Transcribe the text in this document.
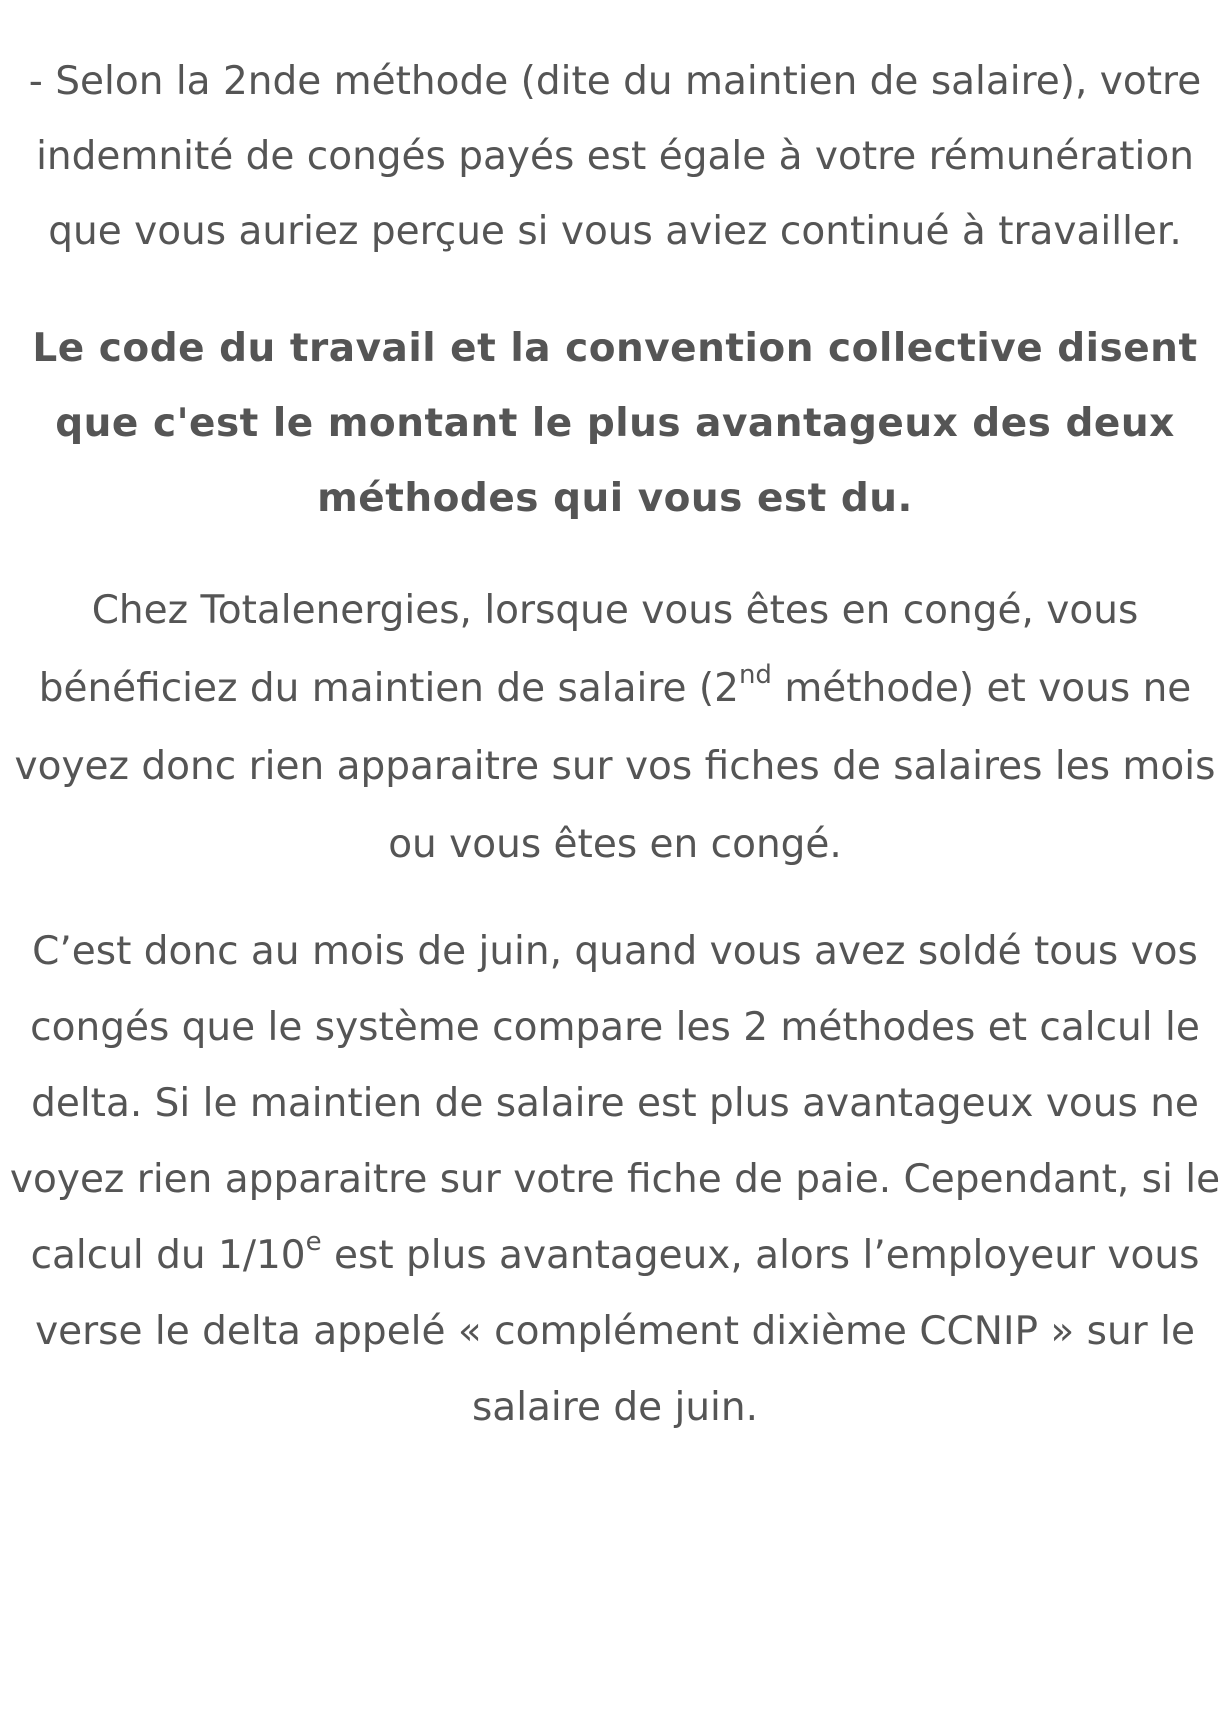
- Selon la 2nde méthode (dite du maintien de salaire), votre indemnité de congés payés est égale à votre rémunération que vous auriez perçue si vous aviez continué à travailler.

Le code du travail et la convention collective disent que c'est le montant le plus avantageux des deux méthodes qui vous est du.

Chez Totalenergies, lorsque vous êtes en congé, vous bénéficiez du maintien de salaire (2nd méthode) et vous ne voyez donc rien apparaitre sur vos fiches de salaires les mois ou vous êtes en congé.

C’est donc au mois de juin, quand vous avez soldé tous vos congés que le système compare les 2 méthodes et calcul le delta. Si le maintien de salaire est plus avantageux vous ne voyez rien apparaitre sur votre fiche de paie. Cependant, si le calcul du 1/10e est plus avantageux, alors l’employeur vous verse le delta appelé « complément dixième CCNIP » sur le salaire de juin.
